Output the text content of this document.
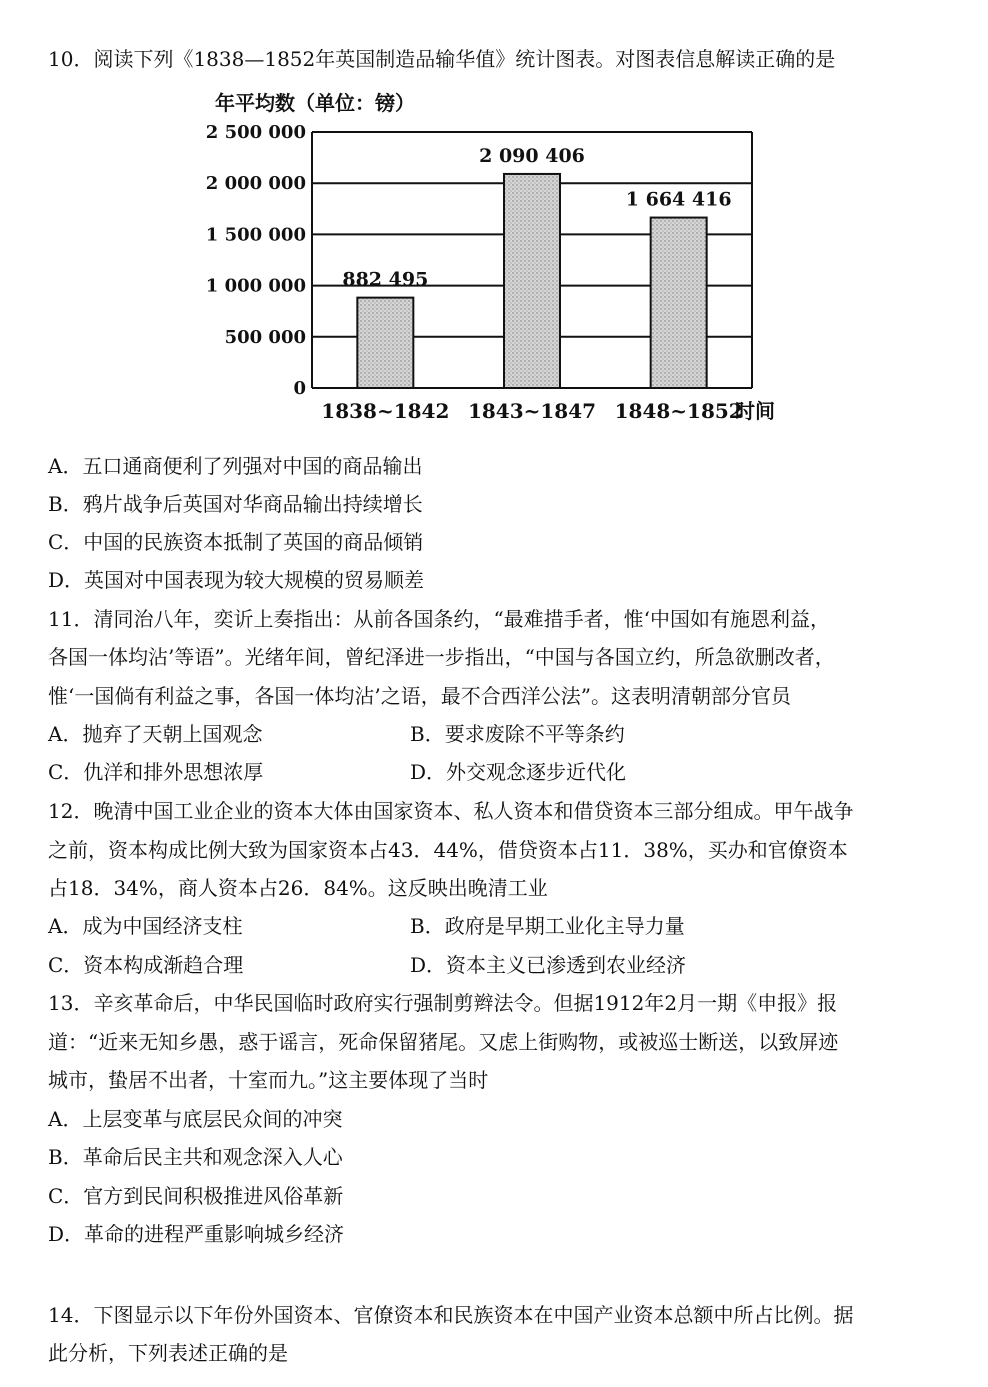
10．阅读下列《1838—1852年英国制造品输华值》统计图表。对图表信息解读正确的是
年平均数（单位：镑）
0
500 000
1 000 000
1 500 000
2 000 000
2 500 000
882 495
2 090 406
1 664 416
1838~1842 1843~1847 1848~1852
时间
A．五口通商便利了列强对中国的商品输出
B．鸦片战争后英国对华商品输出持续增长
C．中国的民族资本抵制了英国的商品倾销
D．英国对中国表现为较大规模的贸易顺差
11．清同治八年，奕䜣上奏指出：从前各国条约，“最难措手者，惟‘中国如有施恩利益，
各国一体均沾’等语”。光绪年间，曾纪泽进一步指出，“中国与各国立约，所急欲删改者，
惟‘一国倘有利益之事，各国一体均沾’之语，最不合西洋公法”。这表明清朝部分官员
A．抛弃了天朝上国观念	B．要求废除不平等条约
C．仇洋和排外思想浓厚	D．外交观念逐步近代化
12．晚清中国工业企业的资本大体由国家资本、私人资本和借贷资本三部分组成。甲午战争
之前，资本构成比例大致为国家资本占43．44%，借贷资本占11．38%，买办和官僚资本
占18．34%，商人资本占26．84%。这反映出晚清工业
A．成为中国经济支柱	B．政府是早期工业化主导力量
C．资本构成渐趋合理	D．资本主义已渗透到农业经济
13．辛亥革命后，中华民国临时政府实行强制剪辫法令。但据1912年2月一期《申报》报
道：“近来无知乡愚，惑于谣言，死命保留猪尾。又虑上街购物，或被巡士断送，以致屏迹
城市，蛰居不出者，十室而九。”这主要体现了当时
A．上层变革与底层民众间的冲突
B．革命后民主共和观念深入人心
C．官方到民间积极推进风俗革新
D．革命的进程严重影响城乡经济
14．下图显示以下年份外国资本、官僚资本和民族资本在中国产业资本总额中所占比例。据
此分析，下列表述正确的是
